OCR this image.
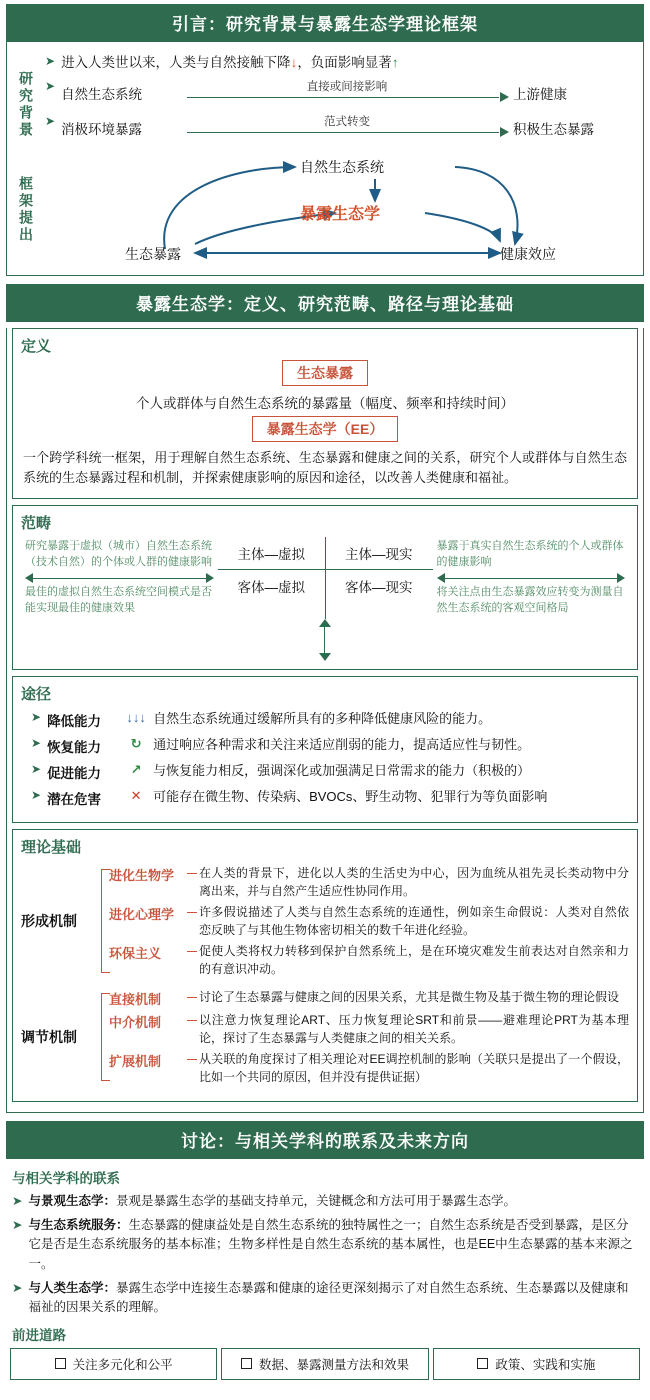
引言：研究背景与暴露生态学理论框架
研究背景
框架提出
➤ 进入人类世以来，人类与自然接触下降↓，负面影响显著↑
➤
自然生态系统	直接或间接影响	上游健康
➤
消极环境暴露	范式转变	积极生态暴露
自然生态系统
暴露生态学
生态暴露	健康效应
暴露生态学：定义、研究范畴、路径与理论基础
定义
生态暴露
个人或群体与自然生态系统的暴露量（幅度、频率和持续时间）
暴露生态学（EE）
一个跨学科统一框架，用于理解自然生态系统、生态暴露和健康之间的关系，研究个人或群体与自然生态系统的生态暴露过程和机制，并探索健康影响的原因和途径，以改善人类健康和福祉。
范畴
研究暴露于虚拟（城市）自然生态系统（技术自然）的个体或人群的健康影响
最佳的虚拟自然生态系统空间模式是否能实现最佳的健康效果
主体—虚拟	主体—现实
客体—虚拟	客体—现实
暴露于真实自然生态系统的个人或群体的健康影响
将关注点由生态暴露效应转变为测量自然生态系统的客观空间格局
途径
➤ 降低能力	↓↓↓ 自然生态系统通过缓解所具有的多种降低健康风险的能力。
➤ 恢复能力	↻ 通过响应各种需求和关注来适应削弱的能力，提高适应性与韧性。
➤ 促进能力	↗ 与恢复能力相反，强调深化或加强满足日常需求的能力（积极的）
➤ 潜在危害	✕ 可能存在微生物、传染病、BVOCs、野生动物、犯罪行为等负面影响
理论基础
形成机制
进化生物学	在人类的背景下，进化以人类的生活史为中心，因为血统从祖先灵长类动物中分离出来，并与自然产生适应性协同作用。
进化心理学	许多假说描述了人类与自然生态系统的连通性，例如亲生命假说：人类对自然依恋反映了与其他生物体密切相关的数千年进化经验。
环保主义	促使人类将权力转移到保护自然系统上，是在环境灾难发生前表达对自然亲和力的有意识冲动。
调节机制
直接机制	讨论了生态暴露与健康之间的因果关系，尤其是微生物及基于微生物的理论假设
中介机制	以注意力恢复理论ART、压力恢复理论SRT和前景——避难理论PRT为基本理论，探讨了生态暴露与人类健康之间的相关关系。
扩展机制	从关联的角度探讨了相关理论对EE调控机制的影响（关联只是提出了一个假设，比如一个共同的原因，但并没有提供证据）
讨论：与相关学科的联系及未来方向
与相关学科的联系
➤ 与景观生态学：景观是暴露生态学的基础支持单元，关键概念和方法可用于暴露生态学。
➤ 与生态系统服务：生态暴露的健康益处是自然生态系统的独特属性之一；自然生态系统是否受到暴露，是区分它是否是生态系统服务的基本标准；生物多样性是自然生态系统的基本属性，也是EE中生态暴露的基本来源之一。
➤ 与人类生态学：暴露生态学中连接生态暴露和健康的途径更深刻揭示了对自然生态系统、生态暴露以及健康和福祉的因果关系的理解。
前进道路
关注多元化和公平	数据、暴露测量方法和效果	政策、实践和实施
